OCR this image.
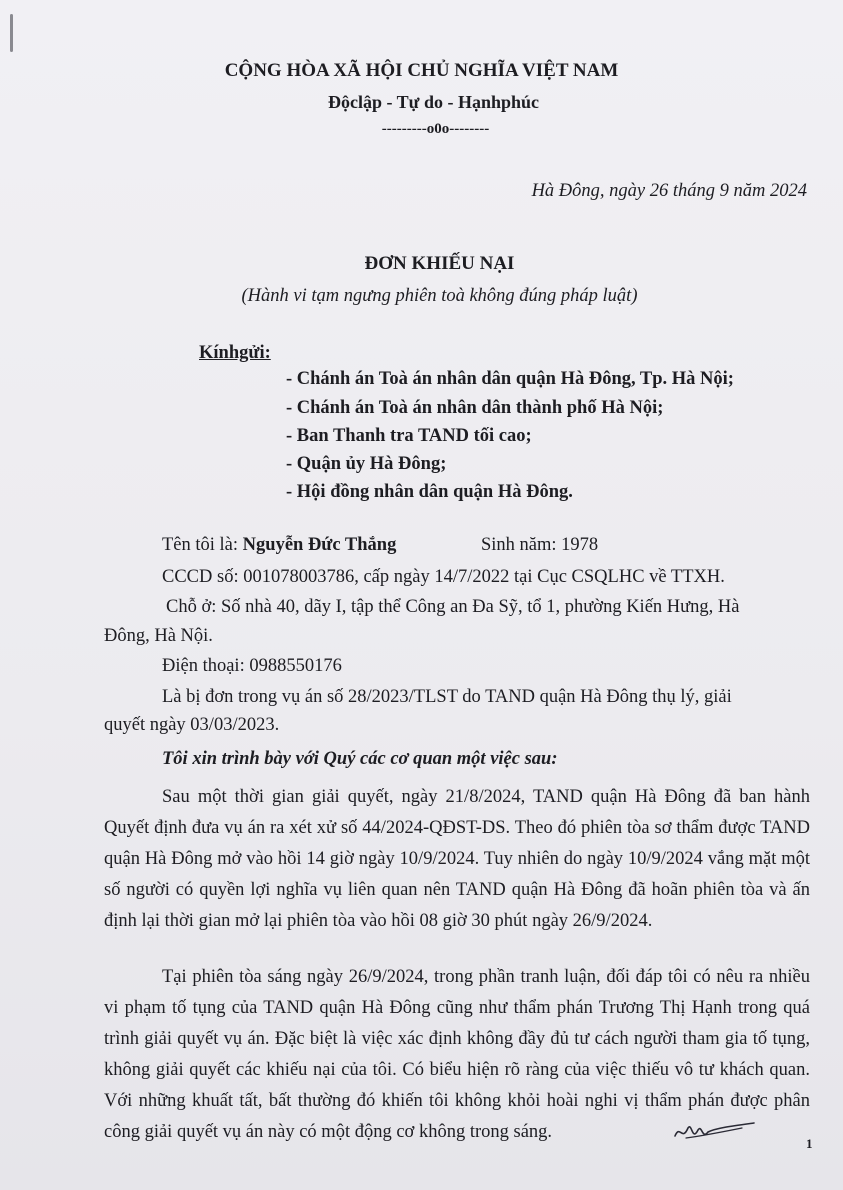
CỘNG HÒA XÃ HỘI CHỦ NGHĨA VIỆT NAM
Độclập - Tự do - Hạnhphúc
---------o0o--------
Hà Đông, ngày 26 tháng 9 năm 2024
ĐƠN KHIẾU NẠI
(Hành vi tạm ngưng phiên toà không đúng pháp luật)
Kínhgửi:
- Chánh án Toà án nhân dân quận Hà Đông, Tp. Hà Nội;
- Chánh án Toà án nhân dân thành phố Hà Nội;
- Ban Thanh tra TAND tối cao;
- Quận ủy Hà Đông;
- Hội đồng nhân dân quận Hà Đông.
Tên tôi là: Nguyễn Đức Thắng	Sinh năm: 1978
CCCD số: 001078003786, cấp ngày 14/7/2022 tại Cục CSQLHC về TTXH.
Chỗ ở: Số nhà 40, dãy I, tập thể Công an Đa Sỹ, tổ 1, phường Kiến Hưng, Hà
Đông, Hà Nội.
Điện thoại: 0988550176
Là bị đơn trong vụ án số 28/2023/TLST do TAND quận Hà Đông thụ lý, giải
quyết ngày 03/03/2023.
Tôi xin trình bày với Quý các cơ quan một việc sau:
Sau một thời gian giải quyết, ngày 21/8/2024, TAND quận Hà Đông đã ban hành Quyết định đưa vụ án ra xét xử số 44/2024-QĐST-DS. Theo đó phiên tòa sơ thẩm được TAND quận Hà Đông mở vào hồi 14 giờ ngày 10/9/2024. Tuy nhiên do ngày 10/9/2024 vắng mặt một số người có quyền lợi nghĩa vụ liên quan nên TAND quận Hà Đông đã hoãn phiên tòa và ấn định lại thời gian mở lại phiên tòa vào hồi 08 giờ 30 phút ngày 26/9/2024.
Tại phiên tòa sáng ngày 26/9/2024, trong phần tranh luận, đối đáp tôi có nêu ra nhiều vi phạm tố tụng của TAND quận Hà Đông cũng như thẩm phán Trương Thị Hạnh trong quá trình giải quyết vụ án. Đặc biệt là việc xác định không đầy đủ tư cách người tham gia tố tụng, không giải quyết các khiếu nại của tôi. Có biểu hiện rõ ràng của việc thiếu vô tư khách quan. Với những khuất tất, bất thường đó khiến tôi không khỏi hoài nghi vị thẩm phán được phân công giải quyết vụ án này có một động cơ không trong sáng.
1
